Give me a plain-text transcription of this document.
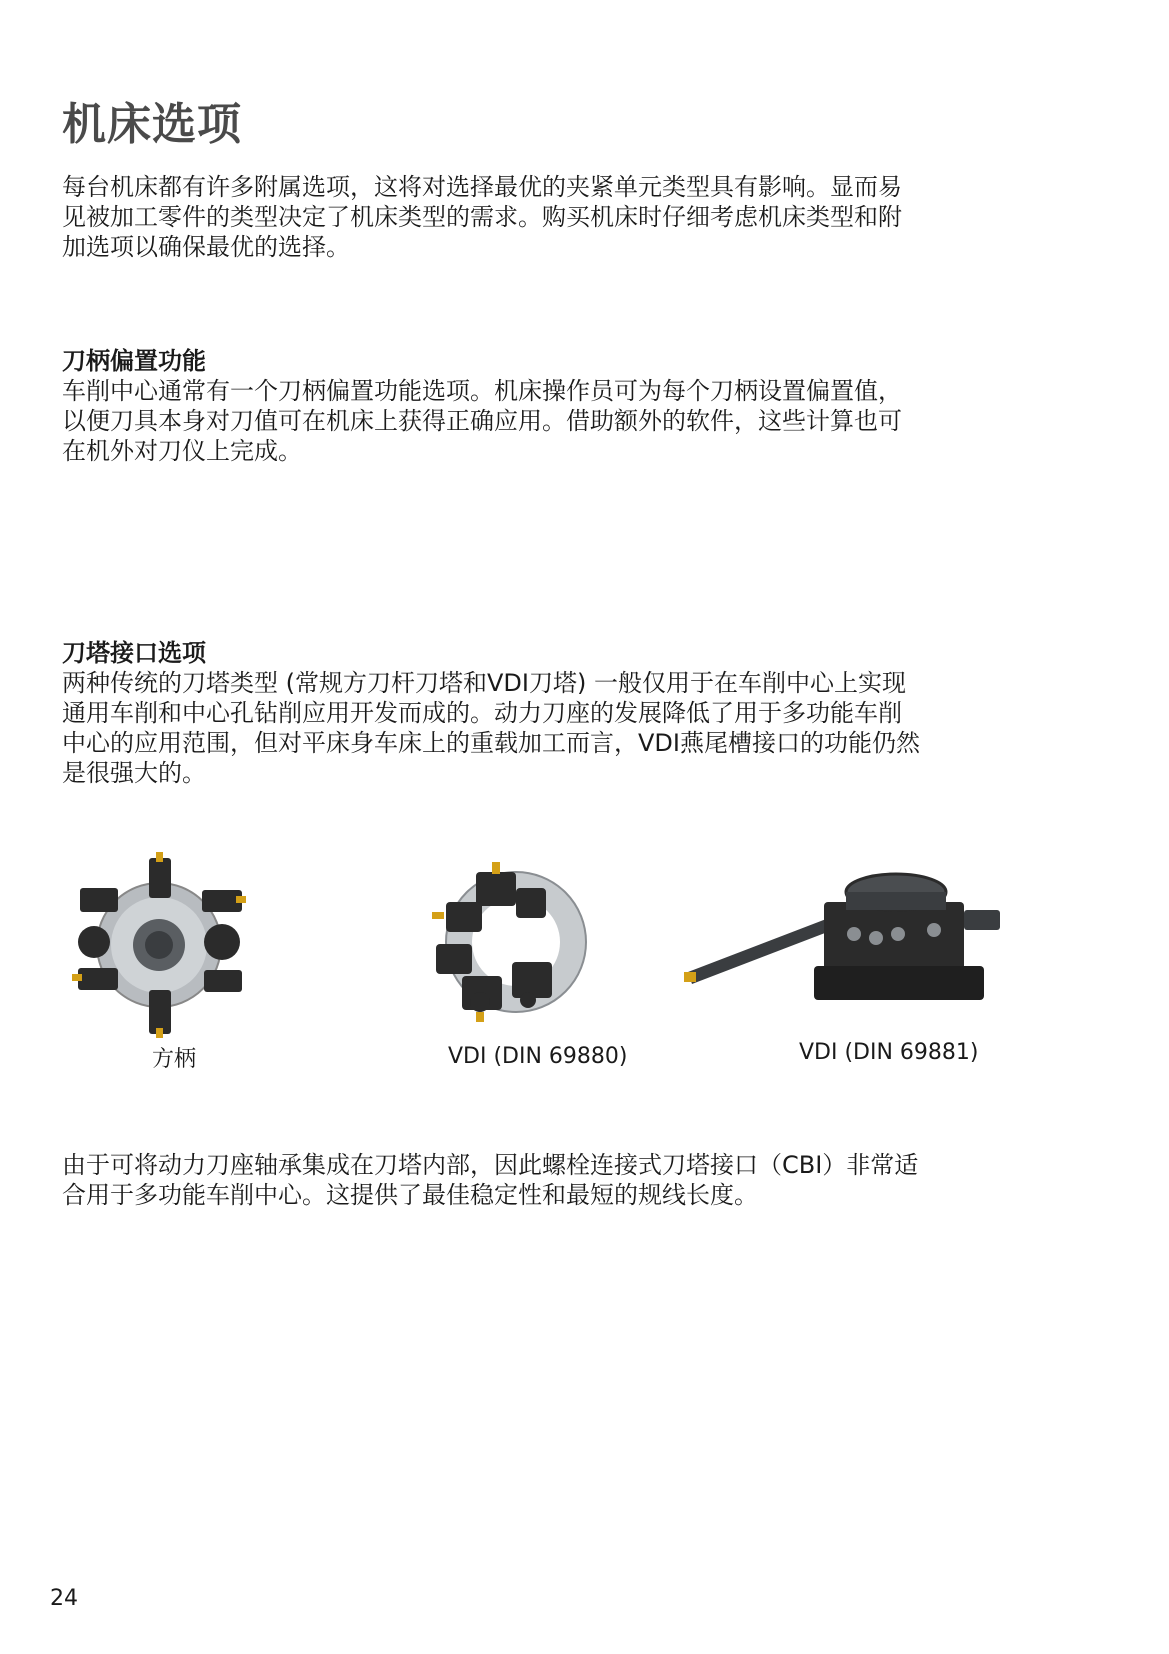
机床选项

每台机床都有许多附属选项，这将对选择最优的夹紧单元类型具有影响。显而易见被加工零件的类型决定了机床类型的需求。购买机床时仔细考虑机床类型和附加选项以确保最优的选择。

刀柄偏置功能

车削中心通常有一个刀柄偏置功能选项。机床操作员可为每个刀柄设置偏置值，以便刀具本身对刀值可在机床上获得正确应用。借助额外的软件，这些计算也可在机外对刀仪上完成。

刀塔接口选项

两种传统的刀塔类型 (常规方刀杆刀塔和VDI刀塔) 一般仅用于在车削中心上实现通用车削和中心孔钻削应用开发而成的。动力刀座的发展降低了用于多功能车削中心的应用范围，但对平床身车床上的重载加工而言，VDI燕尾槽接口的功能仍然是很强大的。

方柄	VDI (DIN 69880)	VDI (DIN 69881)

由于可将动力刀座轴承集成在刀塔内部，因此螺栓连接式刀塔接口（CBI）非常适合用于多功能车削中心。这提供了最佳稳定性和最短的规线长度。

24
